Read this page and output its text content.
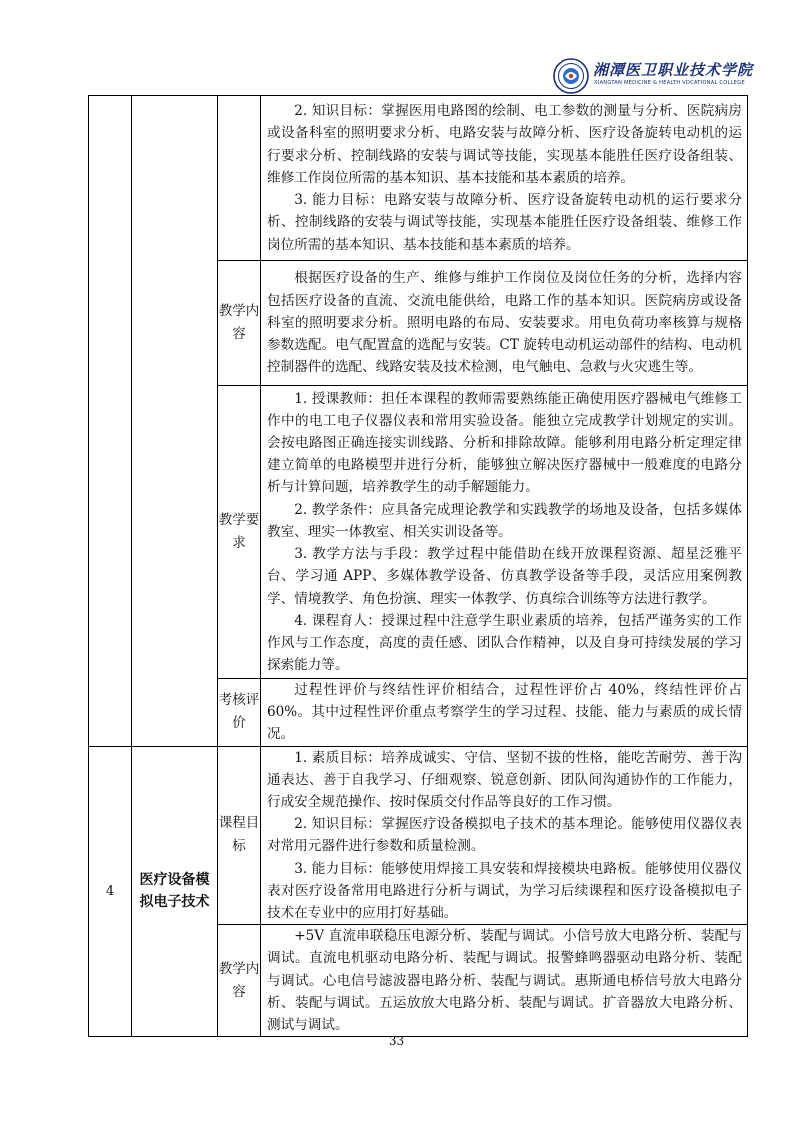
湘潭医卫职业技术学院
XIANGTAN MEDICINE & HEALTH VOCATIONAL COLLEGE

			2. 知识目标：掌握医用电路图的绘制、电工参数的测量与分析、医院病房或设备科室的照明要求分析、电路安装与故障分析、医疗设备旋转电动机的运行要求分析、控制线路的安装与调试等技能，实现基本能胜任医疗设备组装、维修工作岗位所需的基本知识、基本技能和基本素质的培养。

3. 能力目标：电路安装与故障分析、医疗设备旋转电动机的运行要求分析、控制线路的安装与调试等技能，实现基本能胜任医疗设备组装、维修工作岗位所需的基本知识、基本技能和基本素质的培养。

		教学内容	根据医疗设备的生产、维修与维护工作岗位及岗位任务的分析，选择内容包括医疗设备的直流、交流电能供给，电路工作的基本知识。医院病房或设备科室的照明要求分析。照明电路的布局、安装要求。用电负荷功率核算与规格参数选配。电气配置盒的选配与安装。CT 旋转电动机运动部件的结构、电动机控制器件的选配、线路安装及技术检测，电气触电、急救与火灾逃生等。

		教学要求	1. 授课教师：担任本课程的教师需要熟练能正确使用医疗器械电气维修工作中的电工电子仪器仪表和常用实验设备。能独立完成教学计划规定的实训。会按电路图正确连接实训线路、分析和排除故障。能够利用电路分析定理定律建立简单的电路模型并进行分析，能够独立解决医疗器械中一般难度的电路分析与计算问题，培养教学生的动手解题能力。

2. 教学条件：应具备完成理论教学和实践教学的场地及设备，包括多媒体教室、理实一体教室、相关实训设备等。

3. 教学方法与手段：教学过程中能借助在线开放课程资源、超星泛雅平台、学习通 APP、多媒体教学设备、仿真教学设备等手段，灵活应用案例教学、情境教学、角色扮演、理实一体教学、仿真综合训练等方法进行教学。

4. 课程育人：授课过程中注意学生职业素质的培养，包括严谨务实的工作作风与工作态度，高度的责任感、团队合作精神，以及自身可持续发展的学习探索能力等。

		考核评价	过程性评价与终结性评价相结合，过程性评价占 40%，终结性评价占 60%。其中过程性评价重点考察学生的学习过程、技能、能力与素质的成长情况。

4	医疗设备模拟电子技术	课程目标	1. 素质目标：培养成诚实、守信、坚韧不拔的性格，能吃苦耐劳、善于沟通表达、善于自我学习、仔细观察、锐意创新、团队间沟通协作的工作能力，行成安全规范操作、按时保质交付作品等良好的工作习惯。

2. 知识目标：掌握医疗设备模拟电子技术的基本理论。能够使用仪器仪表对常用元器件进行参数和质量检测。

3. 能力目标：能够使用焊接工具安装和焊接模块电路板。能够使用仪器仪表对医疗设备常用电路进行分析与调试，为学习后续课程和医疗设备模拟电子技术在专业中的应用打好基础。

		教学内容	+5V 直流串联稳压电源分析、装配与调试。小信号放大电路分析、装配与调试。直流电机驱动电路分析、装配与调试。报警蜂鸣器驱动电路分析、装配与调试。心电信号滤波器电路分析、装配与调试。惠斯通电桥信号放大电路分析、装配与调试。五运放放大电路分析、装配与调试。扩音器放大电路分析、测试与调试。

33
